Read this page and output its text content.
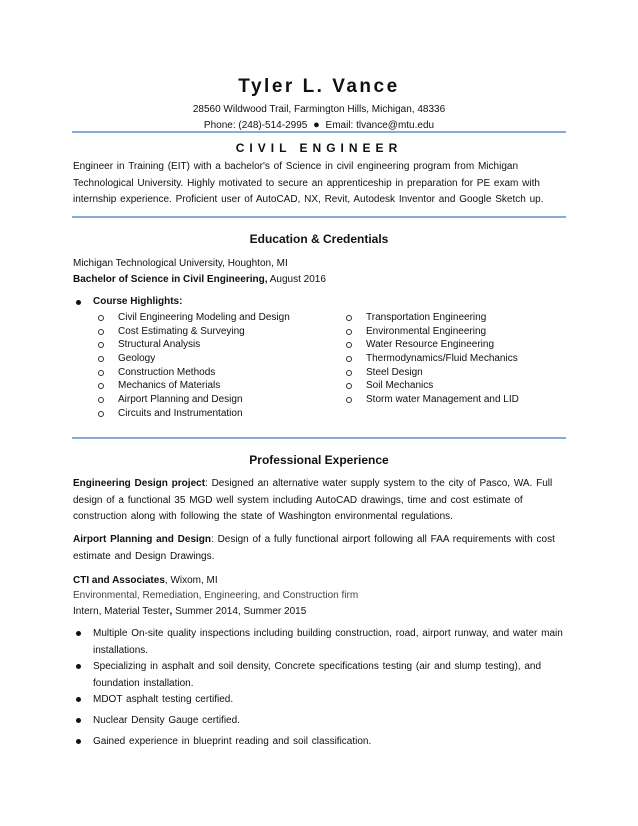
Tyler L. Vance
28560 Wildwood Trail, Farmington Hills, Michigan, 48336
Phone: (248)-514-2995 ● Email: tlvance@mtu.edu
CIVIL ENGINEER

Engineer in Training (EIT) with a bachelor's of Science in civil engineering program from Michigan Technological University. Highly motivated to secure an apprenticeship in preparation for PE exam with internship experience. Proficient user of AutoCAD, NX, Revit, Autodesk Inventor and Google Sketch up.

Education & Credentials
Michigan Technological University, Houghton, MI
Bachelor of Science in Civil Engineering, August 2016
Course Highlights:
Civil Engineering Modeling and Design
Cost Estimating & Surveying
Structural Analysis
Geology
Construction Methods
Mechanics of Materials
Airport Planning and Design
Circuits and Instrumentation
Transportation Engineering
Environmental Engineering
Water Resource Engineering
Thermodynamics/Fluid Mechanics
Steel Design
Soil Mechanics
Storm water Management and LID
Professional Experience

Engineering Design project: Designed an alternative water supply system to the city of Pasco, WA. Full design of a functional 35 MGD well system including AutoCAD drawings, time and cost estimate of construction along with following the state of Washington environmental regulations.

Airport Planning and Design: Design of a fully functional airport following all FAA requirements with cost estimate and Design Drawings.

CTI and Associates, Wixom, MI
Environmental, Remediation, Engineering, and Construction firm
Intern, Material Tester, Summer 2014, Summer 2015

Multiple On-site quality inspections including building construction, road, airport runway, and water main installations.

Specializing in asphalt and soil density, Concrete specifications testing (air and slump testing), and foundation installation.

MDOT asphalt testing certified.

Nuclear Density Gauge certified.

Gained experience in blueprint reading and soil classification.
